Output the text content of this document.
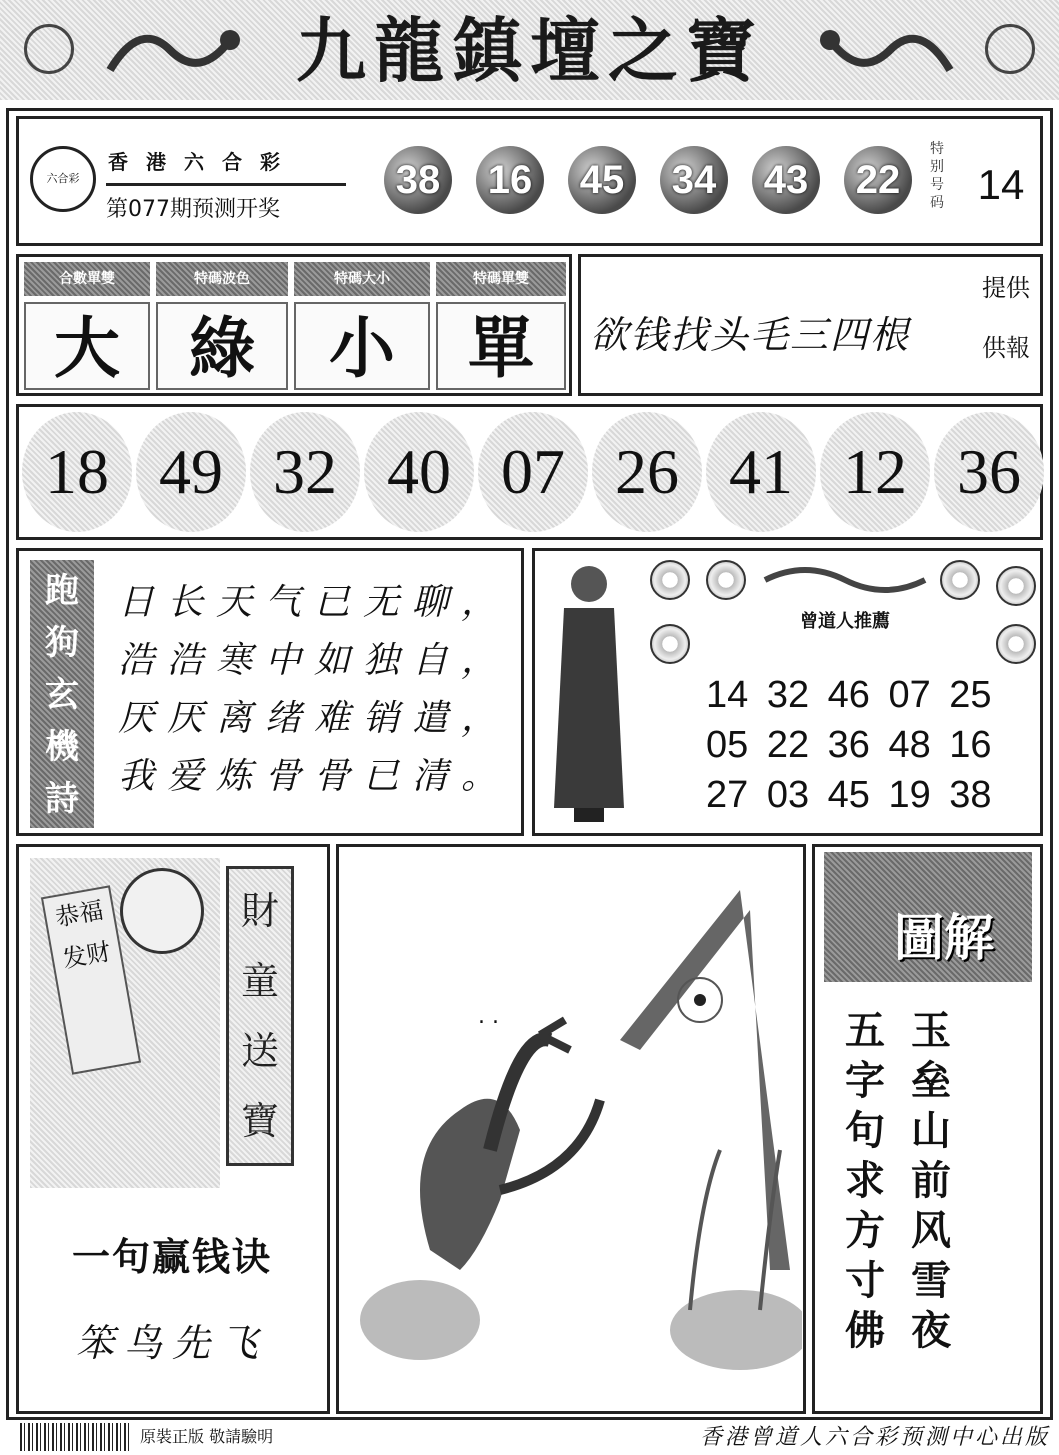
九龍鎮壇之寶
六合彩
香港六合彩
第077期预测开奖
38 16 45 34 43 22
特别号码 14
合數單雙	特碼波色	特碼大小	特碼單雙
大	綠	小	單	欲钱找头毛三四根
提供
供報
18 49 32 40 07 26 41 12 36
跑
狗
玄
機
詩
日长天气已无聊，
浩浩寒中如独自，
厌厌离绪难销遣，
我爱炼骨骨已清。
曾道人推薦
14 32 46 07 25
05 22 36 48 16
27 03 45 19 38
恭福发财
財
童
送
寶
一句赢钱诀
笨鸟先飞
. .
圖解
玉
垒
山
前
风
雪
夜
五
字
句
求
方
寸
佛
原裝正版 敬請驗明	香港曾道人六合彩预测中心出版
